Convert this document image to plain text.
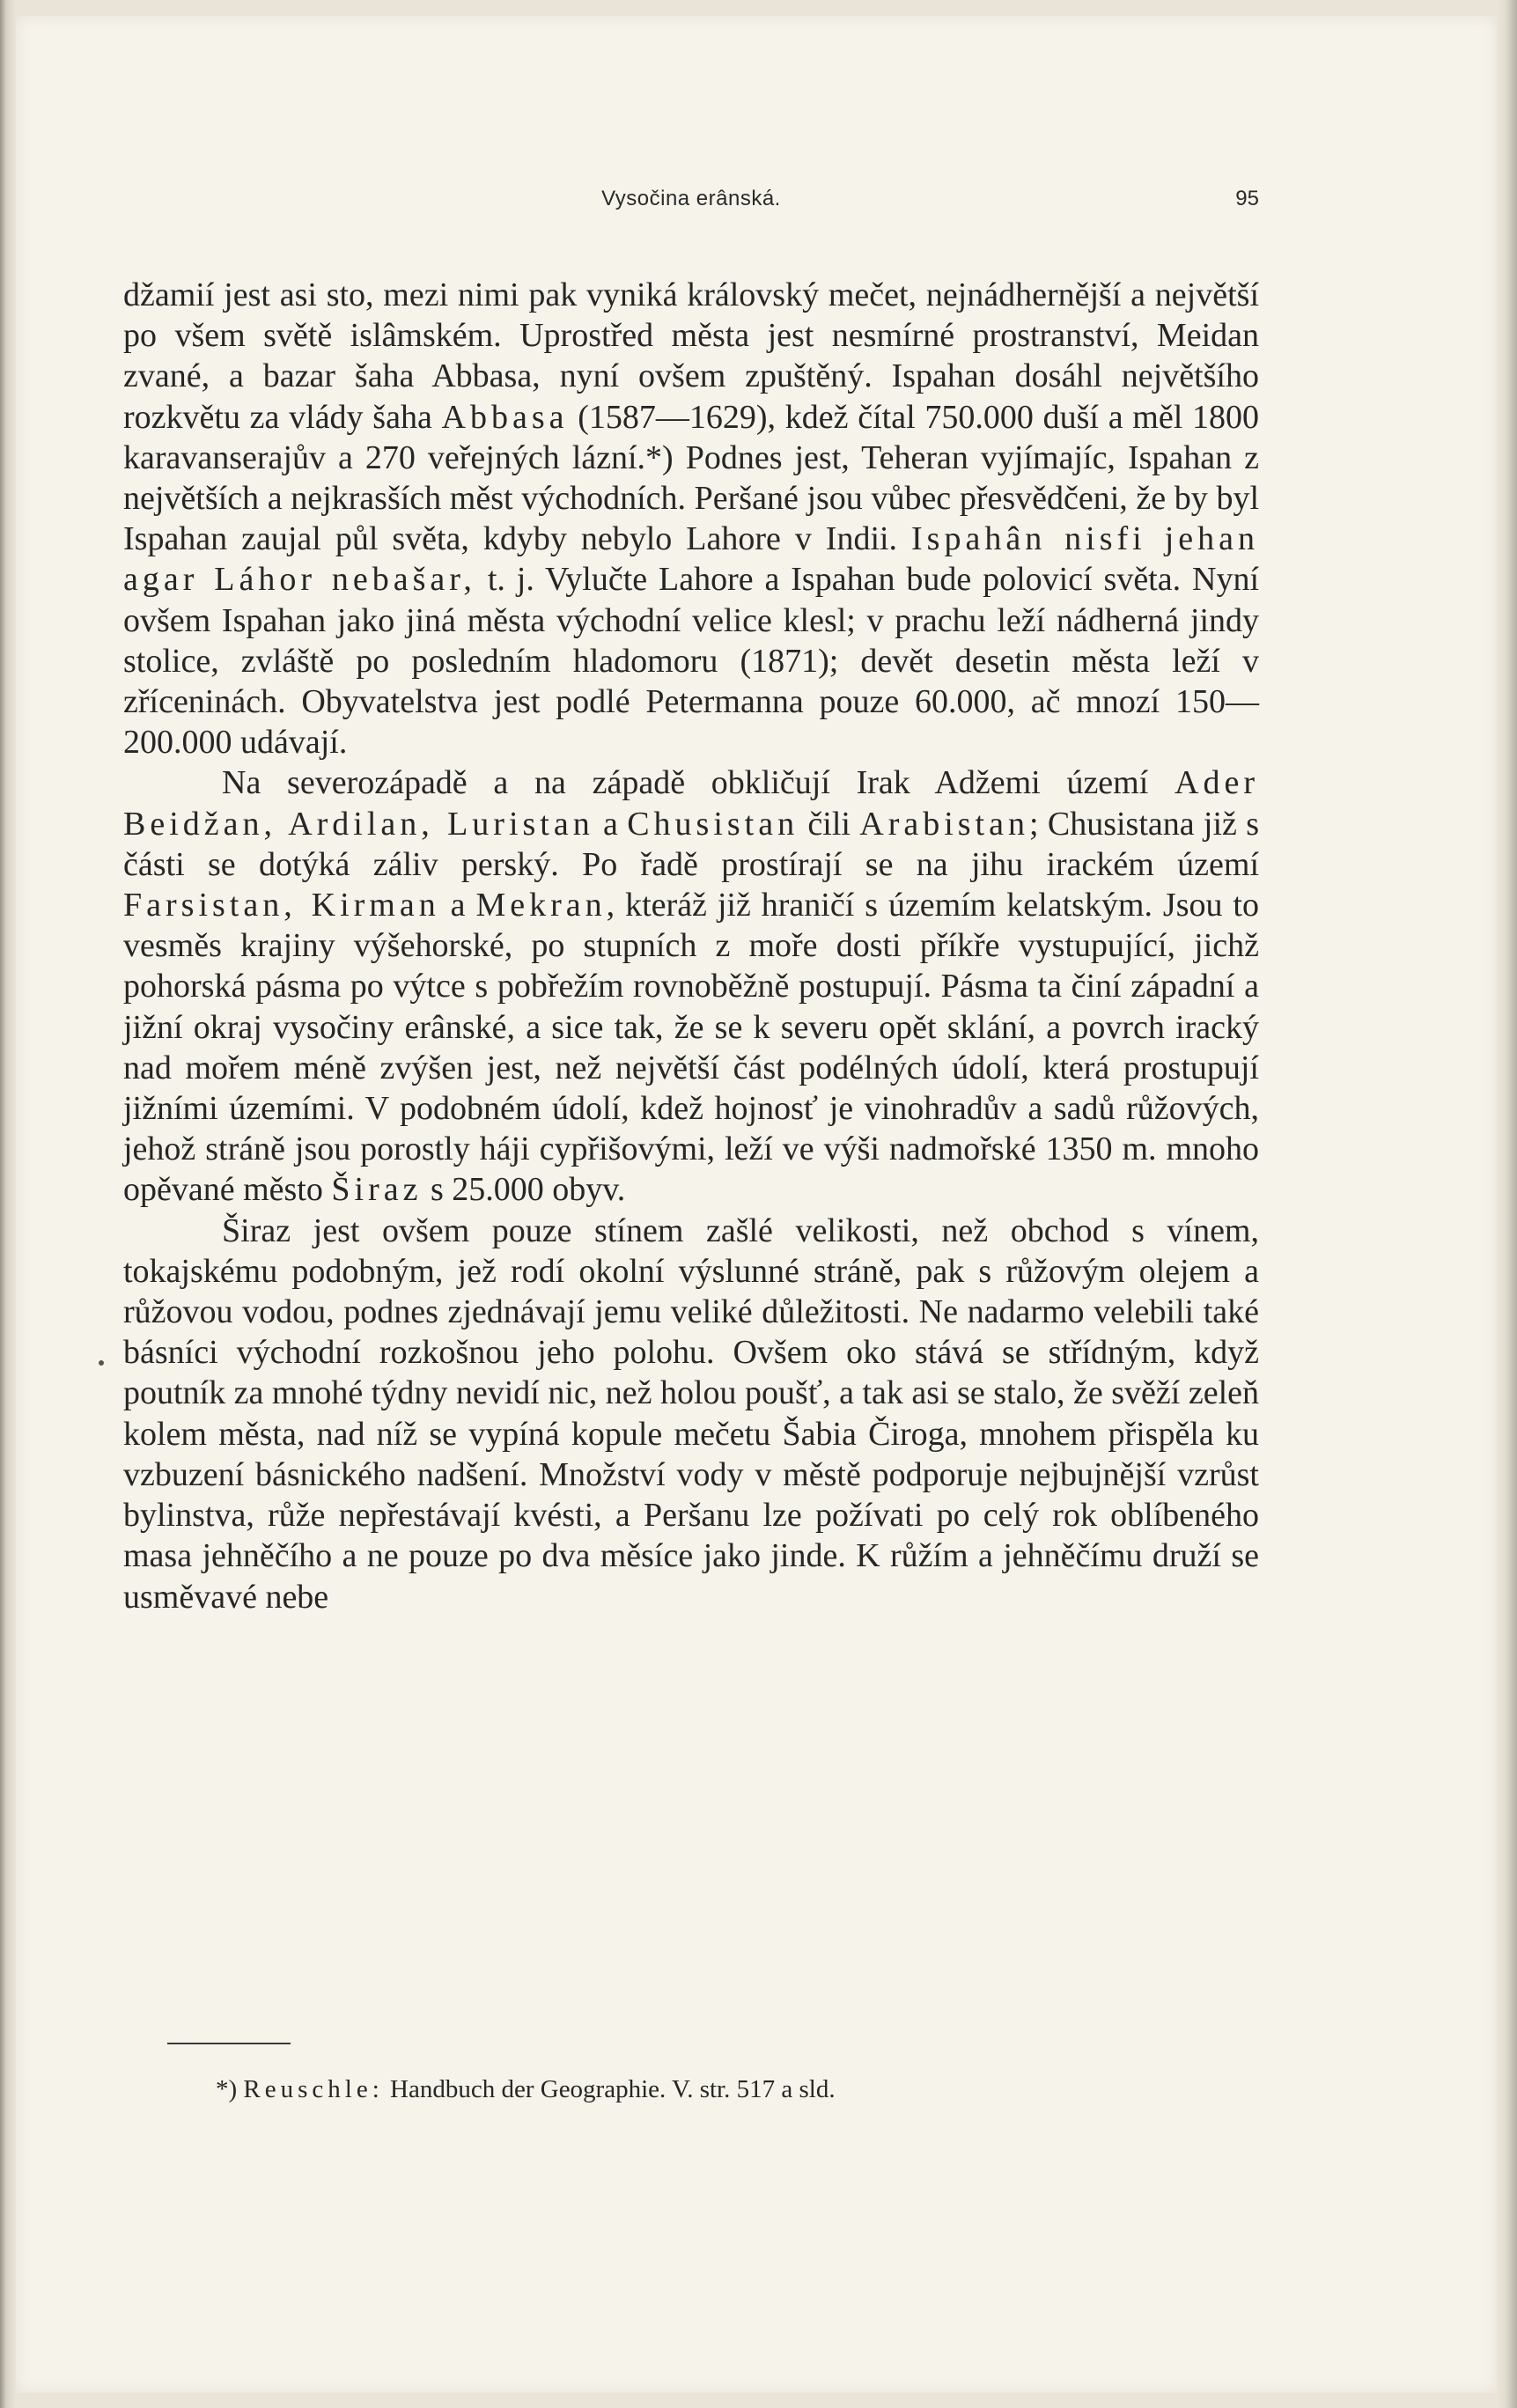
Vysočina erânská.	95

džamií jest asi sto, mezi nimi pak vyniká královský mečet, nejnádhernější a největší po všem světě islâmském. Uprostřed města jest nesmírné prostranství, Meidan zvané, a bazar šaha Abbasa, nyní ovšem zpuštěný. Ispahan dosáhl největšího rozkvětu za vlády šaha Abbasa (1587—1629), kdež čítal 750.000 duší a měl 1800 karavanserajův a 270 veřejných lázní.*) Podnes jest, Teheran vyjímajíc, Ispahan z největších a nejkrasších měst východních. Peršané jsou vůbec přesvědčeni, že by byl Ispahan zaujal půl světa, kdyby nebylo Lahore v Indii. Ispahân nisfi jehan agar Láhor nebašar, t. j. Vylučte Lahore a Ispahan bude polovicí světa. Nyní ovšem Ispahan jako jiná města východní velice klesl; v prachu leží nádherná jindy stolice, zvláště po posledním hladomoru (1871); devět desetin města leží v zříceninách. Obyvatelstva jest podlé Petermanna pouze 60.000, ač mnozí 150—200.000 udávají.

Na severozápadě a na západě obkličují Irak Adžemi území Ader Beidžan, Ardilan, Luristan a Chusistan čili Arabistan; Chusistana již s části se dotýká záliv perský. Po řadě prostírají se na jihu irackém území Farsistan, Kirman a Mekran, kteráž již hraničí s územím kelatským. Jsou to vesměs krajiny výšehorské, po stupních z moře dosti příkře vystupující, jichž pohorská pásma po výtce s pobřežím rovnoběžně postupují. Pásma ta činí západní a jižní okraj vysočiny erânské, a sice tak, že se k severu opět sklání, a povrch iracký nad mořem méně zvýšen jest, než největší část podélných údolí, která prostupují jižními územími. V podobném údolí, kdež hojnosť je vinohradův a sadů růžových, jehož stráně jsou porostly háji cypřišovými, leží ve výši nadmořské 1350 m. mnoho opěvané město Širaz s 25.000 obyv.

Širaz jest ovšem pouze stínem zašlé velikosti, než obchod s vínem, tokajskému podobným, jež rodí okolní výslunné stráně, pak s růžovým olejem a růžovou vodou, podnes zjednávají jemu veliké důležitosti. Ne nadarmo velebili také básníci východní rozkošnou jeho polohu. Ovšem oko stává se střídným, když poutník za mnohé týdny nevidí nic, než holou poušť, a tak asi se stalo, že svěží zeleň kolem města, nad níž se vypíná kopule mečetu Šabia Čiroga, mnohem přispěla ku vzbuzení básnického nadšení. Množství vody v městě podporuje nejbujnější vzrůst bylinstva, růže nepřestávají kvésti, a Peršanu lze požívati po celý rok oblíbeného masa jehněčího a ne pouze po dva měsíce jako jinde. K růžím a jehněčímu druží se usměvavé nebe

*) Reuschle: Handbuch der Geographie. V. str. 517 a sld.
